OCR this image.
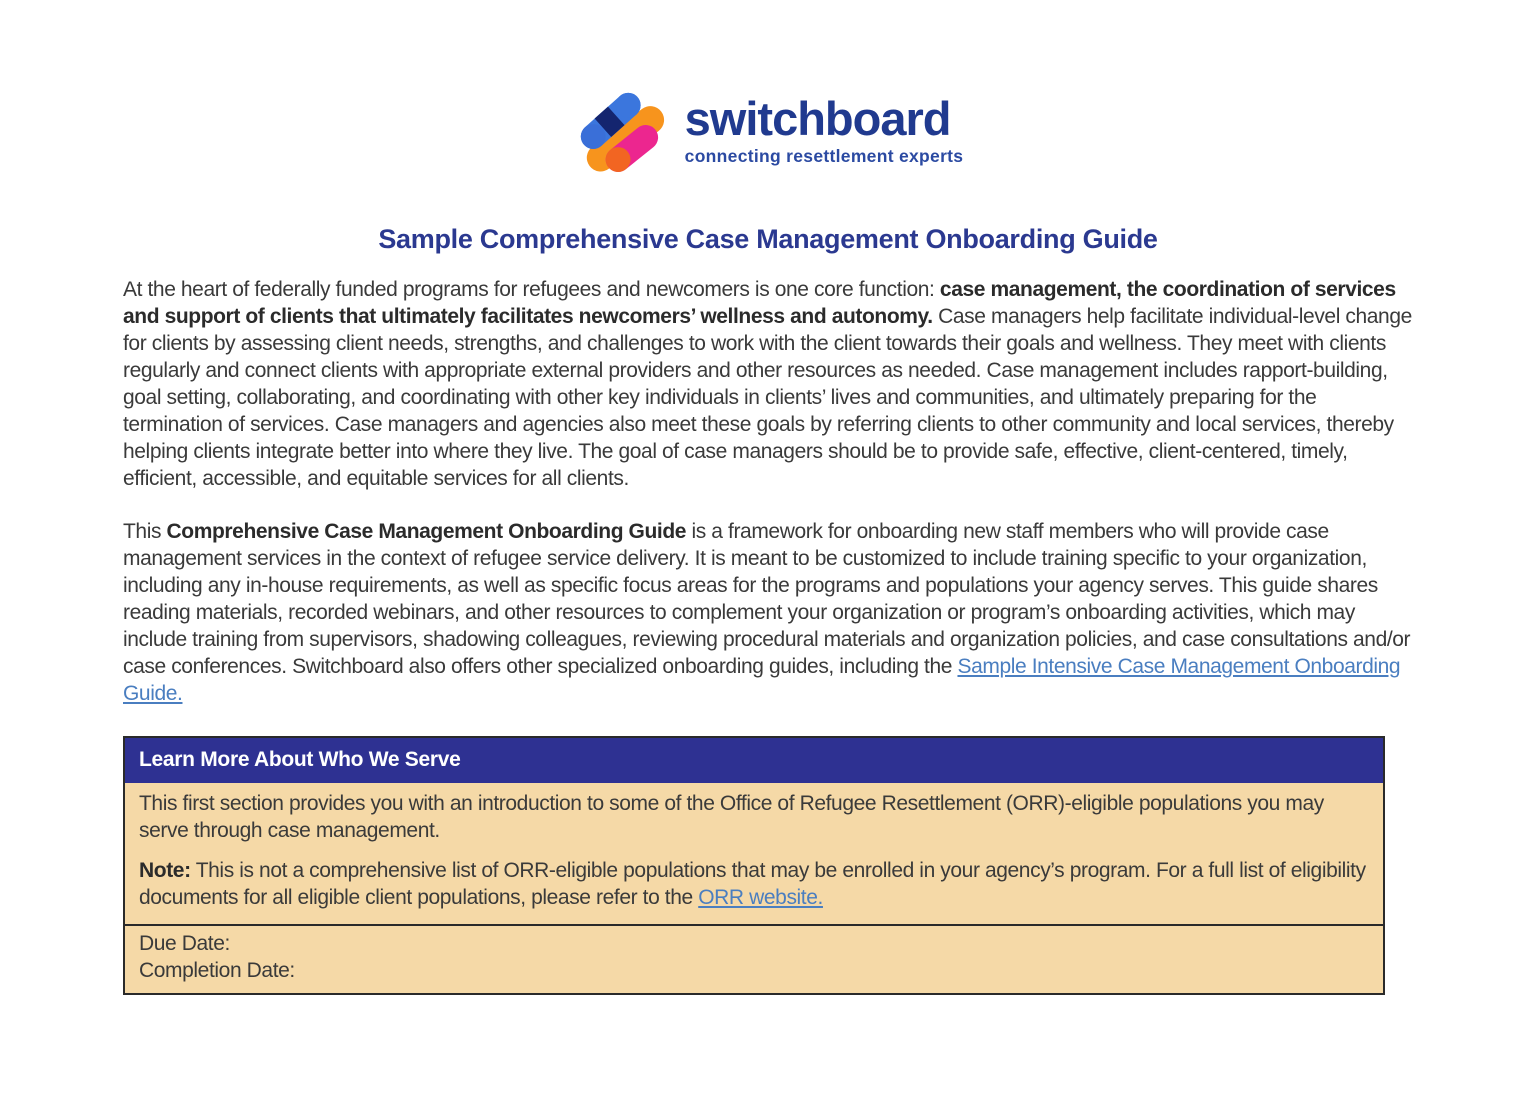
switchboard
connecting resettlement experts
Sample Comprehensive Case Management Onboarding Guide

At the heart of federally funded programs for refugees and newcomers is one core function: case management, the coordination of services and support of clients that ultimately facilitates newcomers’ wellness and autonomy. Case managers help facilitate individual-level change for clients by assessing client needs, strengths, and challenges to work with the client towards their goals and wellness. They meet with clients regularly and connect clients with appropriate external providers and other resources as needed. Case management includes rapport-building, goal setting, collaborating, and coordinating with other key individuals in clients’ lives and communities, and ultimately preparing for the termination of services. Case managers and agencies also meet these goals by referring clients to other community and local services, thereby helping clients integrate better into where they live. The goal of case managers should be to provide safe, effective, client-centered, timely, efficient, accessible, and equitable services for all clients.

This Comprehensive Case Management Onboarding Guide is a framework for onboarding new staff members who will provide case management services in the context of refugee service delivery. It is meant to be customized to include training specific to your organization, including any in-house requirements, as well as specific focus areas for the programs and populations your agency serves. This guide shares reading materials, recorded webinars, and other resources to complement your organization or program’s onboarding activities, which may include training from supervisors, shadowing colleagues, reviewing procedural materials and organization policies, and case consultations and/or case conferences. Switchboard also offers other specialized onboarding guides, including the Sample Intensive Case Management Onboarding Guide.

Learn More About Who We Serve

This first section provides you with an introduction to some of the Office of Refugee Resettlement (ORR)-eligible populations you may serve through case management.

Note: This is not a comprehensive list of ORR-eligible populations that may be enrolled in your agency’s program. For a full list of eligibility documents for all eligible client populations, please refer to the ORR website.

Due Date:

Completion Date:
